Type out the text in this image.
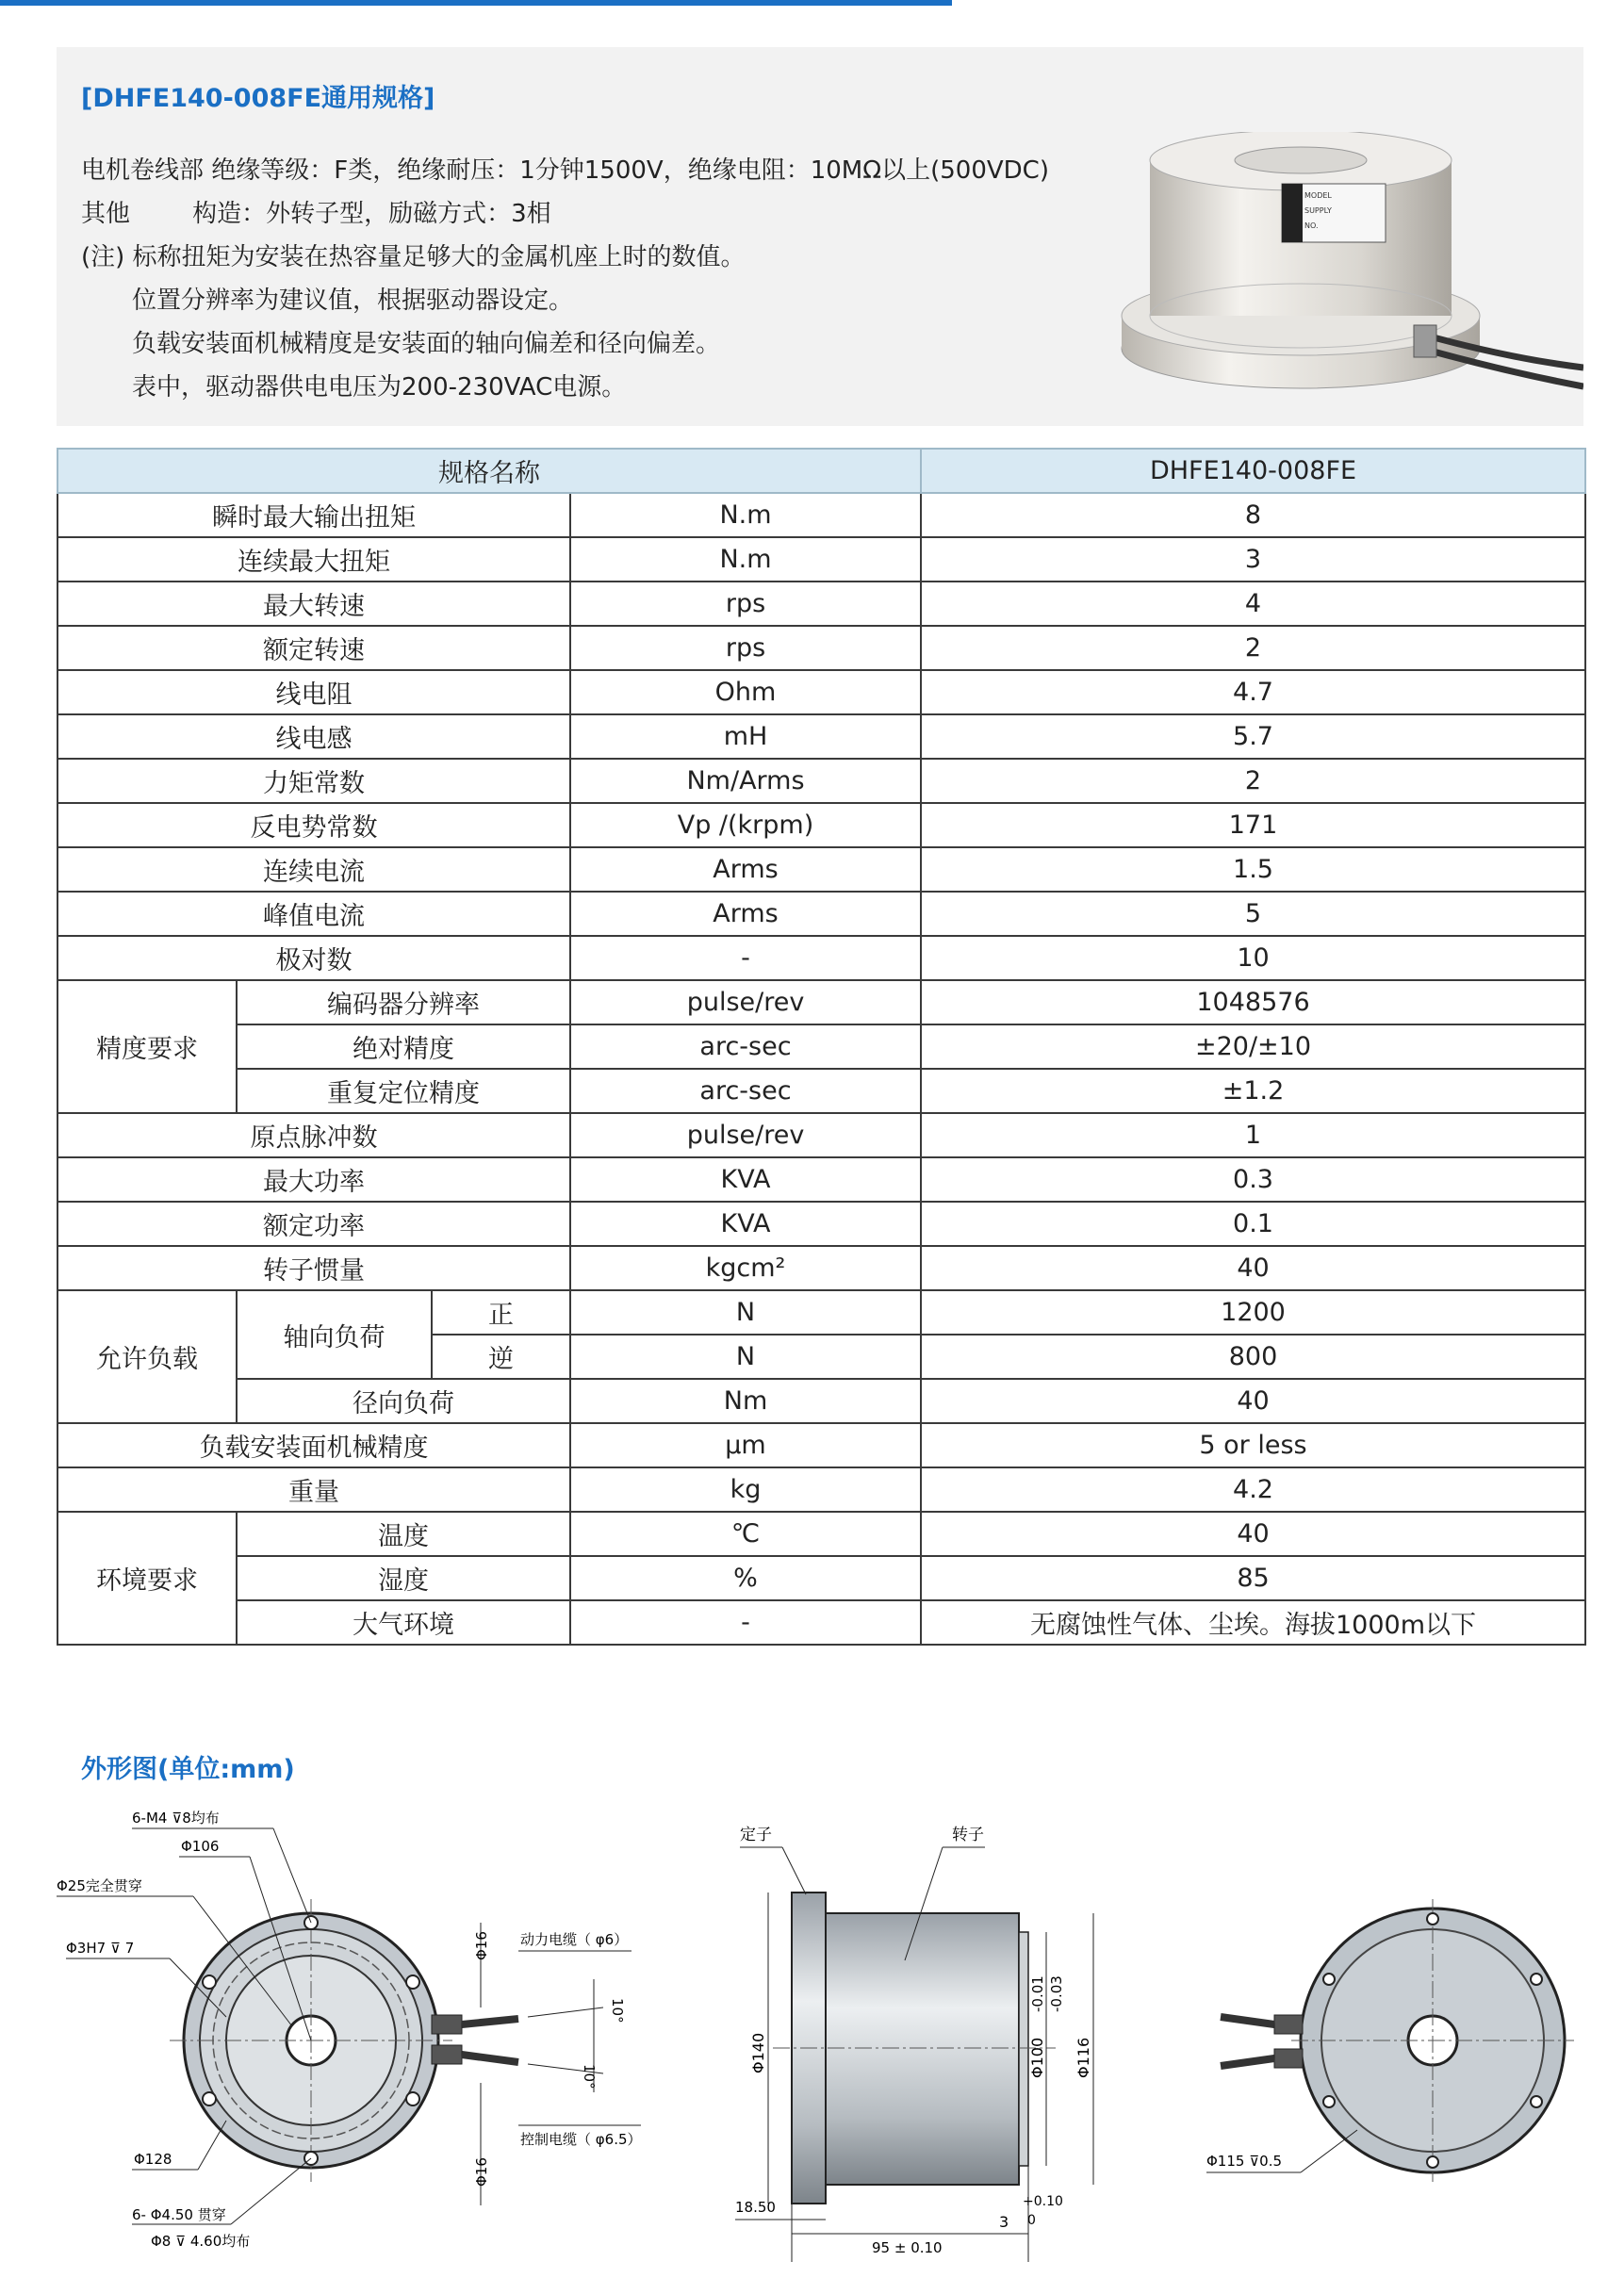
[DHFE140-008FE通用规格]
电机卷线部 绝缘等级：F类，绝缘耐压：1分钟1500V，绝缘电阻：10MΩ以上(500VDC)
其他        构造：外转子型，励磁方式：3相
(注) 标称扭矩为安装在热容量足够大的金属机座上时的数值。
位置分辨率为建议值，根据驱动器设定。
负载安装面机械精度是安装面的轴向偏差和径向偏差。
表中，驱动器供电电压为200-230VAC电源。
MODEL
SUPPLY
NO.
规格名称				DHFE140-008FE
瞬时最大输出扭矩			N.m	8
连续最大扭矩			N.m	3
最大转速			rps	4
额定转速			rps	2
线电阻			Ohm	4.7
线电感			mH	5.7
力矩常数			Nm/Arms	2
反电势常数			Vp /(krpm)	171
连续电流			Arms	1.5
峰值电流			Arms	5
极对数			-	10
精度要求	编码器分辨率		pulse/rev	1048576
	绝对精度		arc-sec	±20/±10
	重复定位精度		arc-sec	±1.2
原点脉冲数			pulse/rev	1
最大功率			KVA	0.3
额定功率			KVA	0.1
转子惯量			kgcm²	40
允许负载	轴向负荷	正	N	1200
		逆	N	800
	径向负荷		Nm	40
负载安装面机械精度			μm	5 or less
重量			kg	4.2
环境要求	温度		℃	40
	湿度		%	85
	大气环境		-	无腐蚀性气体、尘埃。海拔1000m以下
外形图(单位:mm)
6-M4 ⊽8均布
Φ106
Φ25完全贯穿
Φ3H7 ⊽ 7
Φ128
6- Φ4.50 贯穿
Φ8 ⊽ 4.60均布
Φ16
Φ16
动力电缆（ φ6）
控制电缆（ φ6.5）
10°
10°
定子	转子
Φ140	Φ100 Φ116
-0.01 -0.03
18.50
95 ± 0.10
3
+0.10
0
Φ115 ⊽0.5
